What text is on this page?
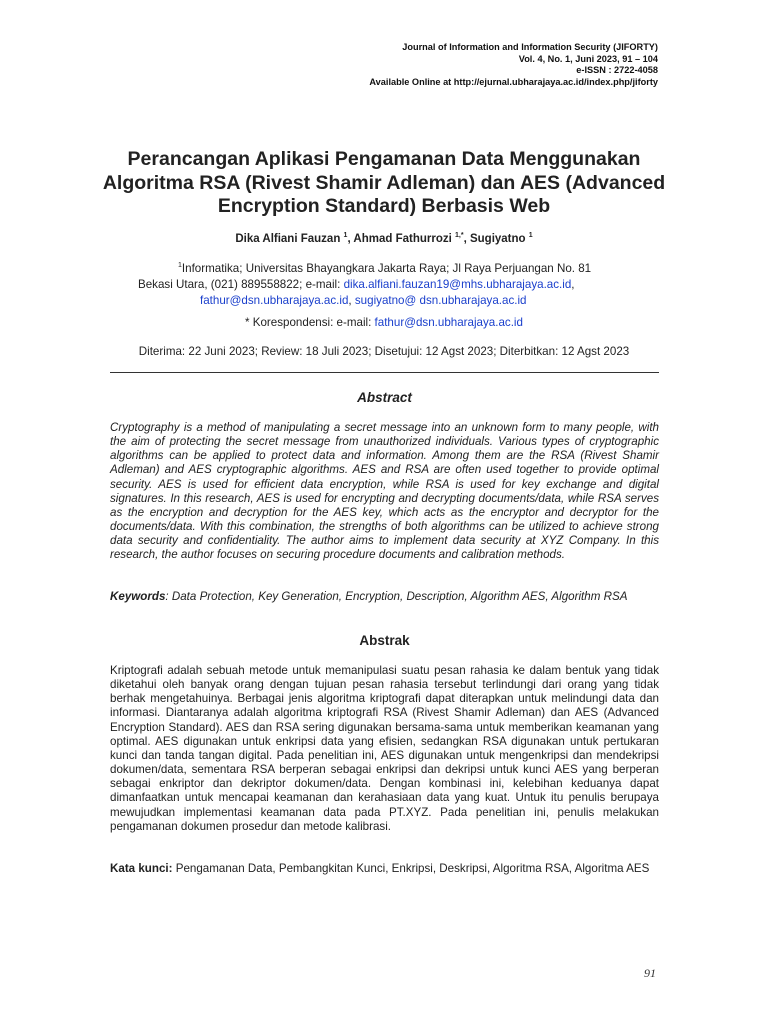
Journal of Information and Information Security (JIFORTY)
Vol. 4, No. 1, Juni 2023, 91 – 104
e-ISSN : 2722-4058
Available Online at http://ejurnal.ubharajaya.ac.id/index.php/jiforty
Perancangan Aplikasi Pengamanan Data Menggunakan Algoritma RSA (Rivest Shamir Adleman) dan AES (Advanced Encryption Standard) Berbasis Web
Dika Alfiani Fauzan $^1$, Ahmad Fathurrozi $^{1,*}$, Sugiyatno $^1$
$^1$Informatika; Universitas Bhayangkara Jakarta Raya; Jl Raya Perjuangan No. 81
Bekasi Utara, (021) 889558822; e-mail: dika.alfiani.fauzan19@mhs.ubharajaya.ac.id,
fathur@dsn.ubharajaya.ac.id, sugiyatno@ dsn.ubharajaya.ac.id
* Korespondensi: e-mail: fathur@dsn.ubharajaya.ac.id
Diterima: 22 Juni 2023; Review: 18 Juli 2023; Disetujui: 12 Agst 2023; Diterbitkan: 12 Agst 2023
Abstract

Cryptography is a method of manipulating a secret message into an unknown form to many people, with the aim of protecting the secret message from unauthorized individuals. Various types of cryptographic algorithms can be applied to protect data and information. Among them are the RSA (Rivest Shamir Adleman) and AES cryptographic algorithms. AES and RSA are often used together to provide optimal security. AES is used for efficient data encryption, while RSA is used for key exchange and digital signatures. In this research, AES is used for encrypting and decrypting documents/data, while RSA serves as the encryption and decryption for the AES key, which acts as the encryptor and decryptor for the documents/data. With this combination, the strengths of both algorithms can be utilized to achieve strong data security and confidentiality. The author aims to implement data security at XYZ Company. In this research, the author focuses on securing procedure documents and calibration methods.

Keywords: Data Protection, Key Generation, Encryption, Description, Algorithm AES, Algorithm RSA

Abstrak

Kriptografi adalah sebuah metode untuk memanipulasi suatu pesan rahasia ke dalam bentuk yang tidak diketahui oleh banyak orang dengan tujuan pesan rahasia tersebut terlindungi dari orang yang tidak berhak mengetahuinya. Berbagai jenis algoritma kriptografi dapat diterapkan untuk melindungi data dan informasi. Diantaranya adalah algoritma kriptografi RSA (Rivest Shamir Adleman) dan AES (Advanced Encryption Standard). AES dan RSA sering digunakan bersama-sama untuk memberikan keamanan yang optimal. AES digunakan untuk enkripsi data yang efisien, sedangkan RSA digunakan untuk pertukaran kunci dan tanda tangan digital. Pada penelitian ini, AES digunakan untuk mengenkripsi dan mendekripsi dokumen/data, sementara RSA berperan sebagai enkripsi dan dekripsi untuk kunci AES yang berperan sebagai enkriptor dan dekriptor dokumen/data. Dengan kombinasi ini, kelebihan keduanya dapat dimanfaatkan untuk mencapai keamanan dan kerahasiaan data yang kuat. Untuk itu penulis berupaya mewujudkan implementasi keamanan data pada PT.XYZ. Pada penelitian ini, penulis melakukan pengamanan dokumen prosedur dan metode kalibrasi.

Kata kunci: Pengamanan Data, Pembangkitan Kunci, Enkripsi, Deskripsi, Algoritma RSA, Algoritma AES

91
